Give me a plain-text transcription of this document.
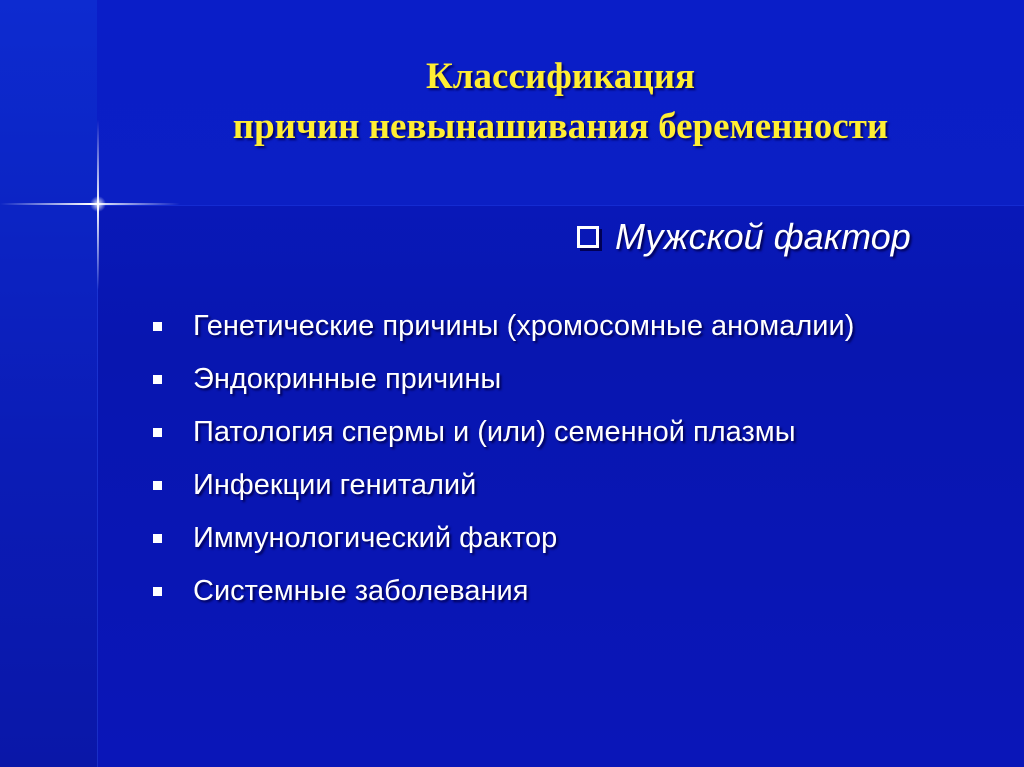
Классификация
причин невынашивания беременности
Мужской фактор
Генетические причины (хромосомные аномалии)
Эндокринные причины
Патология спермы и (или) семенной плазмы
Инфекции гениталий
Иммунологический фактор
Системные заболевания
